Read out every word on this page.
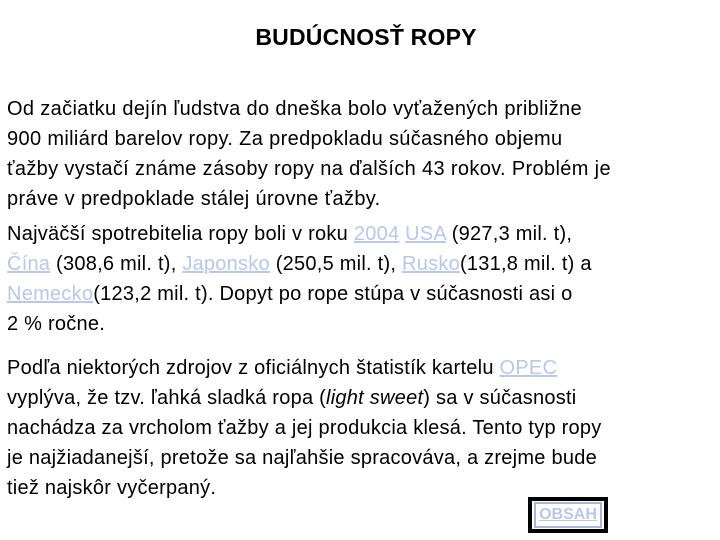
BUDÚCNOSŤ ROPY

Od začiatku dejín ľudstva do dneška bolo vyťažených približne
900 miliárd barelov ropy. Za predpokladu súčasného objemu
ťažby vystačí známe zásoby ropy na ďalších 43 rokov. Problém je
práve v predpoklade stálej úrovne ťažby.

Najväčší spotrebitelia ropy boli v roku 2004 USA (927,3 mil. t),
Čína (308,6 mil. t), Japonsko (250,5 mil. t), Rusko(131,8 mil. t) a
Nemecko(123,2 mil. t). Dopyt po rope stúpa v súčasnosti asi o
2 % ročne.

Podľa niektorých zdrojov z oficiálnych štatistík kartelu OPEC
vyplýva, že tzv. ľahká sladká ropa (light sweet) sa v súčasnosti
nachádza za vrcholom ťažby a jej produkcia klesá. Tento typ ropy
je najžiadanejší, pretože sa najľahšie spracováva, a zrejme bude
tiež najskôr vyčerpaný.

OBSAH
